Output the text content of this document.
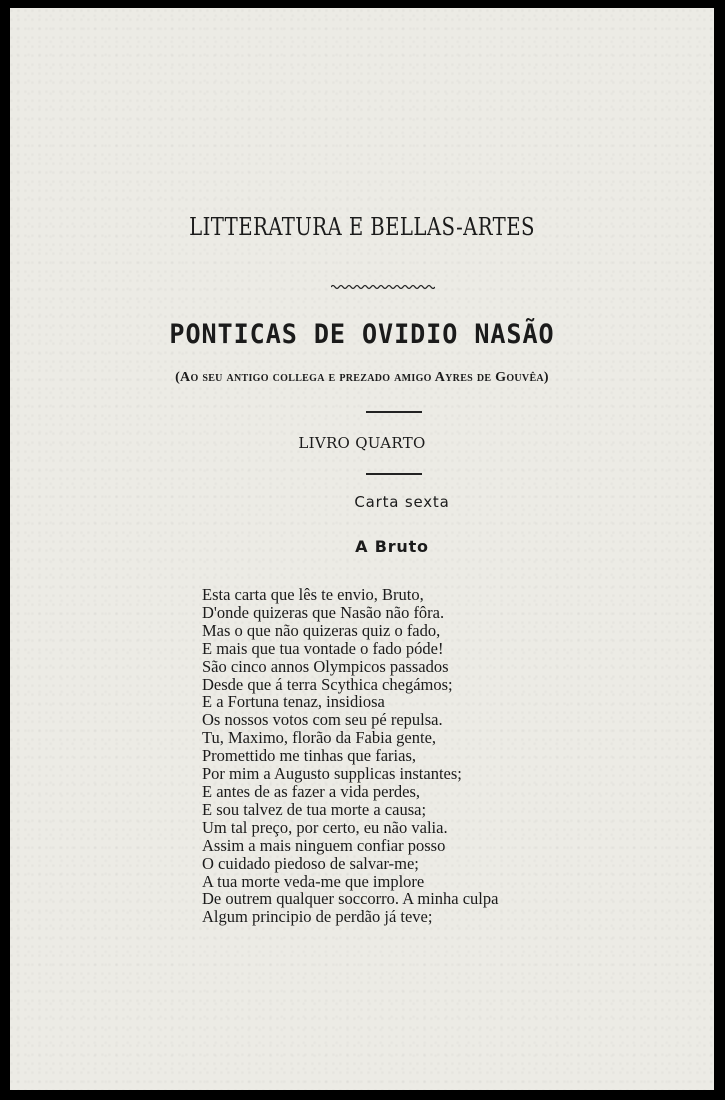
LITTERATURA E BELLAS-ARTES
PONTICAS DE OVIDIO NASÃO
(Ao seu antigo collega e prezado amigo Ayres de Gouvêa)
LIVRO QUARTO
Carta sexta
A Bruto
Esta carta que lês te envio, Bruto,
D'onde quizeras que Nasão não fôra.
Mas o que não quizeras quiz o fado,
E mais que tua vontade o fado póde!
São cinco annos Olympicos passados
Desde que á terra Scythica chegámos;
E a Fortuna tenaz, insidiosa
Os nossos votos com seu pé repulsa.
Tu, Maximo, florão da Fabia gente,
Promettido me tinhas que farias,
Por mim a Augusto supplicas instantes;
E antes de as fazer a vida perdes,
E sou talvez de tua morte a causa;
Um tal preço, por certo, eu não valia.
Assim a mais ninguem confiar posso
O cuidado piedoso de salvar-me;
A tua morte veda-me que implore
De outrem qualquer soccorro. A minha culpa
Algum principio de perdão já teve;
